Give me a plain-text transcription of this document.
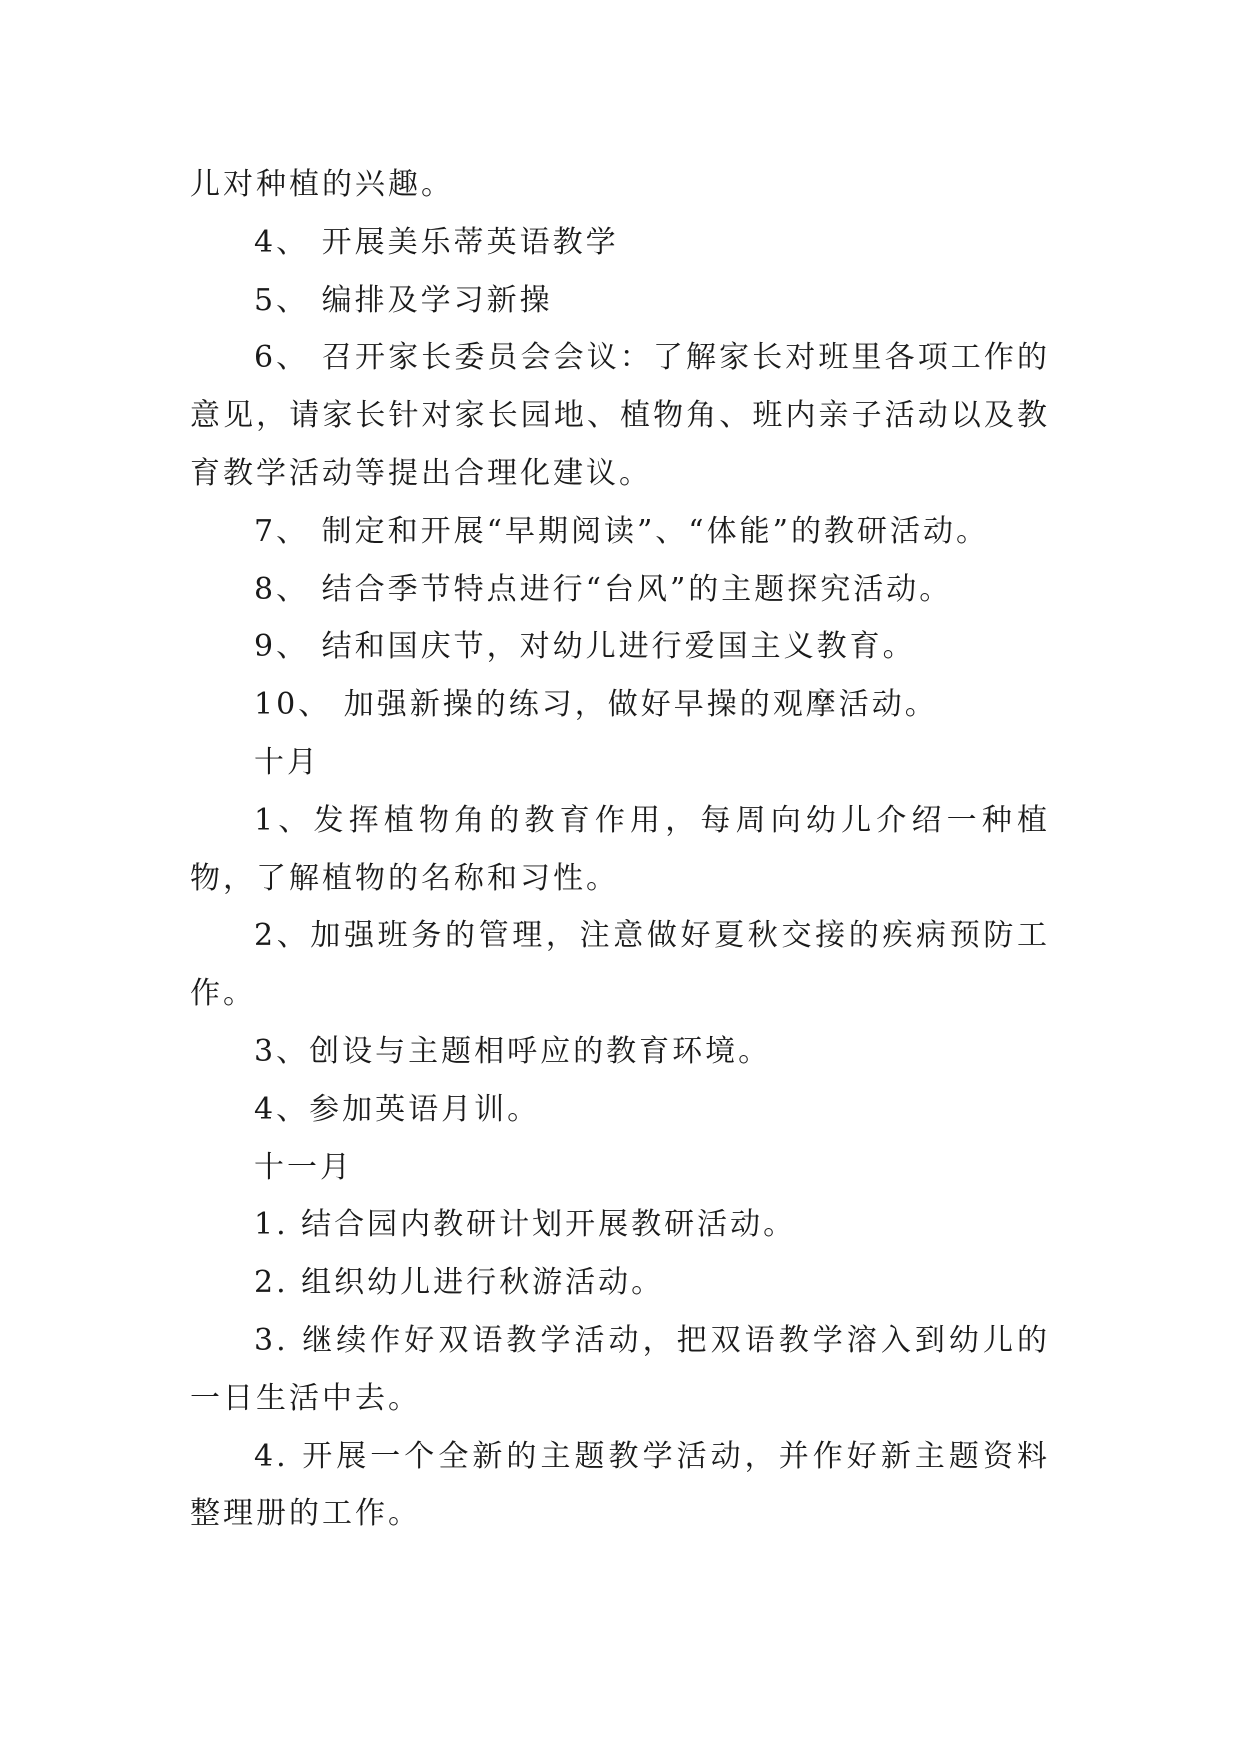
儿对种植的兴趣。

4、 开展美乐蒂英语教学

5、 编排及学习新操

6、 召开家长委员会会议：了解家长对班里各项工作的意见，请家长针对家长园地、植物角、班内亲子活动以及教育教学活动等提出合理化建议。

7、 制定和开展“早期阅读”、“体能”的教研活动。

8、 结合季节特点进行“台风”的主题探究活动。

9、 结和国庆节，对幼儿进行爱国主义教育。

10、 加强新操的练习，做好早操的观摩活动。

十月

1、发挥植物角的教育作用，每周向幼儿介绍一种植物，了解植物的名称和习性。

2、加强班务的管理，注意做好夏秋交接的疾病预防工作。

3、创设与主题相呼应的教育环境。

4、参加英语月训。

十一月

1. 结合园内教研计划开展教研活动。

2. 组织幼儿进行秋游活动。

3. 继续作好双语教学活动，把双语教学溶入到幼儿的一日生活中去。

4. 开展一个全新的主题教学活动，并作好新主题资料整理册的工作。
